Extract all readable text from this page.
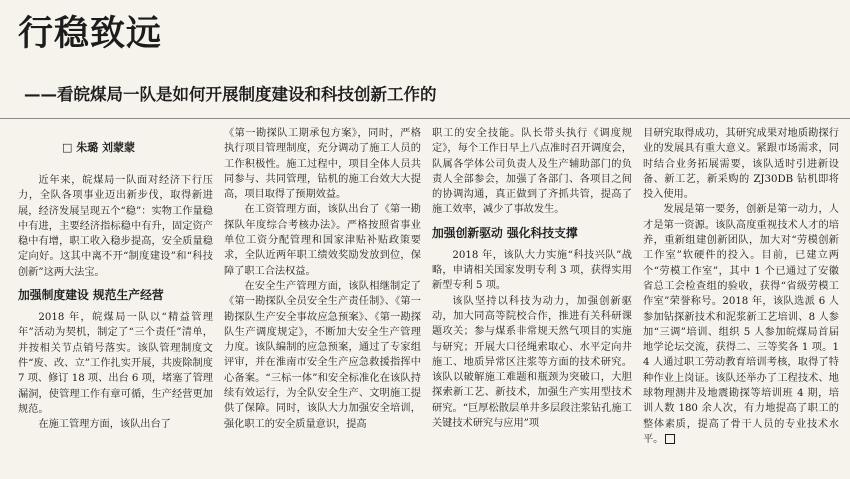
行稳致远
——看皖煤局一队是如何开展制度建设和科技创新工作的
□ 朱璐 刘蒙蒙

近年来，皖煤局一队面对经济下行压力，全队各项事业迈出新步伐，取得新进展，经济发展呈现五个“稳”：实物工作量稳中有进，主要经济指标稳中有升，固定资产稳中有增，职工收入稳步提高，安全质量稳定向好。这其中离不开“制度建设”和“科技创新”这两大法宝。

加强制度建设 规范生产经营

2018 年，皖煤局一队以“精益管理年”活动为契机，制定了“三个责任”清单，并按相关节点销号落实。该队管理制度文件“废、改、立”工作扎实开展，共废除制度 7 项、修订 18 项、出台 6 项，堵塞了管理漏洞，使管理工作有章可循，生产经营更加规范。

在施工管理方面，该队出台了

《第一勘探队工期承包方案》，同时，严格执行项目管理制度，充分调动了施工人员的工作积极性。施工过程中，项目全体人员共同参与、共同管理，钻机的施工台效大大提高，项目取得了预期效益。

在工资管理方面，该队出台了《第一勘探队年度综合考核办法》。严格按照省事业单位工资分配管理和国家津贴补贴政策要求，全队近两年职工绩效奖励发放到位，保障了职工合法权益。

在安全生产管理方面，该队相继制定了《第一勘探队全员安全生产责任制》、《第一勘探队生产安全事故应急预案》、《第一勘探队生产调度规定》，不断加大安全生产管理力度。该队编制的应急预案，通过了专家组评审，并在淮南市安全生产应急救援指挥中心备案。“三标一体”和安全标准化在该队持续有效运行，为全队安全生产、文明施工提供了保障。同时，该队大力加强安全培训，强化职工的安全质量意识，提高

职工的安全技能。队长带头执行《调度规定》，每个工作日早上八点准时召开调度会，队属各学体公司负责人及生产辅助部门的负责人全部参会，加强了各部门、各项目之间的协调沟通，真正做到了齐抓共管，提高了施工效率，减少了事故发生。

加强创新驱动 强化科技支撑

2018 年，该队大力实施“科技兴队”战略，申请相关国家发明专利 3 项，获得实用新型专利 5 项。

该队坚持以科技为动力，加强创新驱动，加大同高等院校合作，推进有关科研课题攻关；参与煤系非常规天然气项目的实施与研究；开展大口径绳索取心、水平定向井施工、地质异常区注浆等方面的技术研究。该队以破解施工难题和瓶颈为突破口，大胆探索新工艺、新技术，加强生产实用型技术研究。“巨厚松散层单井多层段注浆钻孔施工关键技术研究与应用”项

目研究取得成功，其研究成果对地质勘探行业的发展具有重大意义。紧跟市场需求，同时结合业务拓展需要，该队适时引进新设备、新工艺，新采购的 ZJ30DB 钻机即将投入使用。

发展是第一要务，创新是第一动力，人才是第一资源。该队高度重视技术人才的培养，重新组建创新团队，加大对“劳模创新工作室”软硬件的投入。目前，已建立两个“劳模工作室”，其中 1 个已通过了安徽省总工会检查组的验收，获得“省级劳模工作室”荣誉称号。2018 年，该队选派 6 人参加钻探新技术和泥浆新工艺培训、8 人参加“三调”培训、组织 5 人参加皖煤局首届地学论坛交流，获得二、三等奖各 1 项。14 人通过职工劳动教育培训考核，取得了特种作业上岗证。该队还举办了工程技术、地球物理测井及地震勘探等培训班 4 期，培训人数 180 余人次，有力地提高了职工的整体素质，提高了骨干人员的专业技术水平。
